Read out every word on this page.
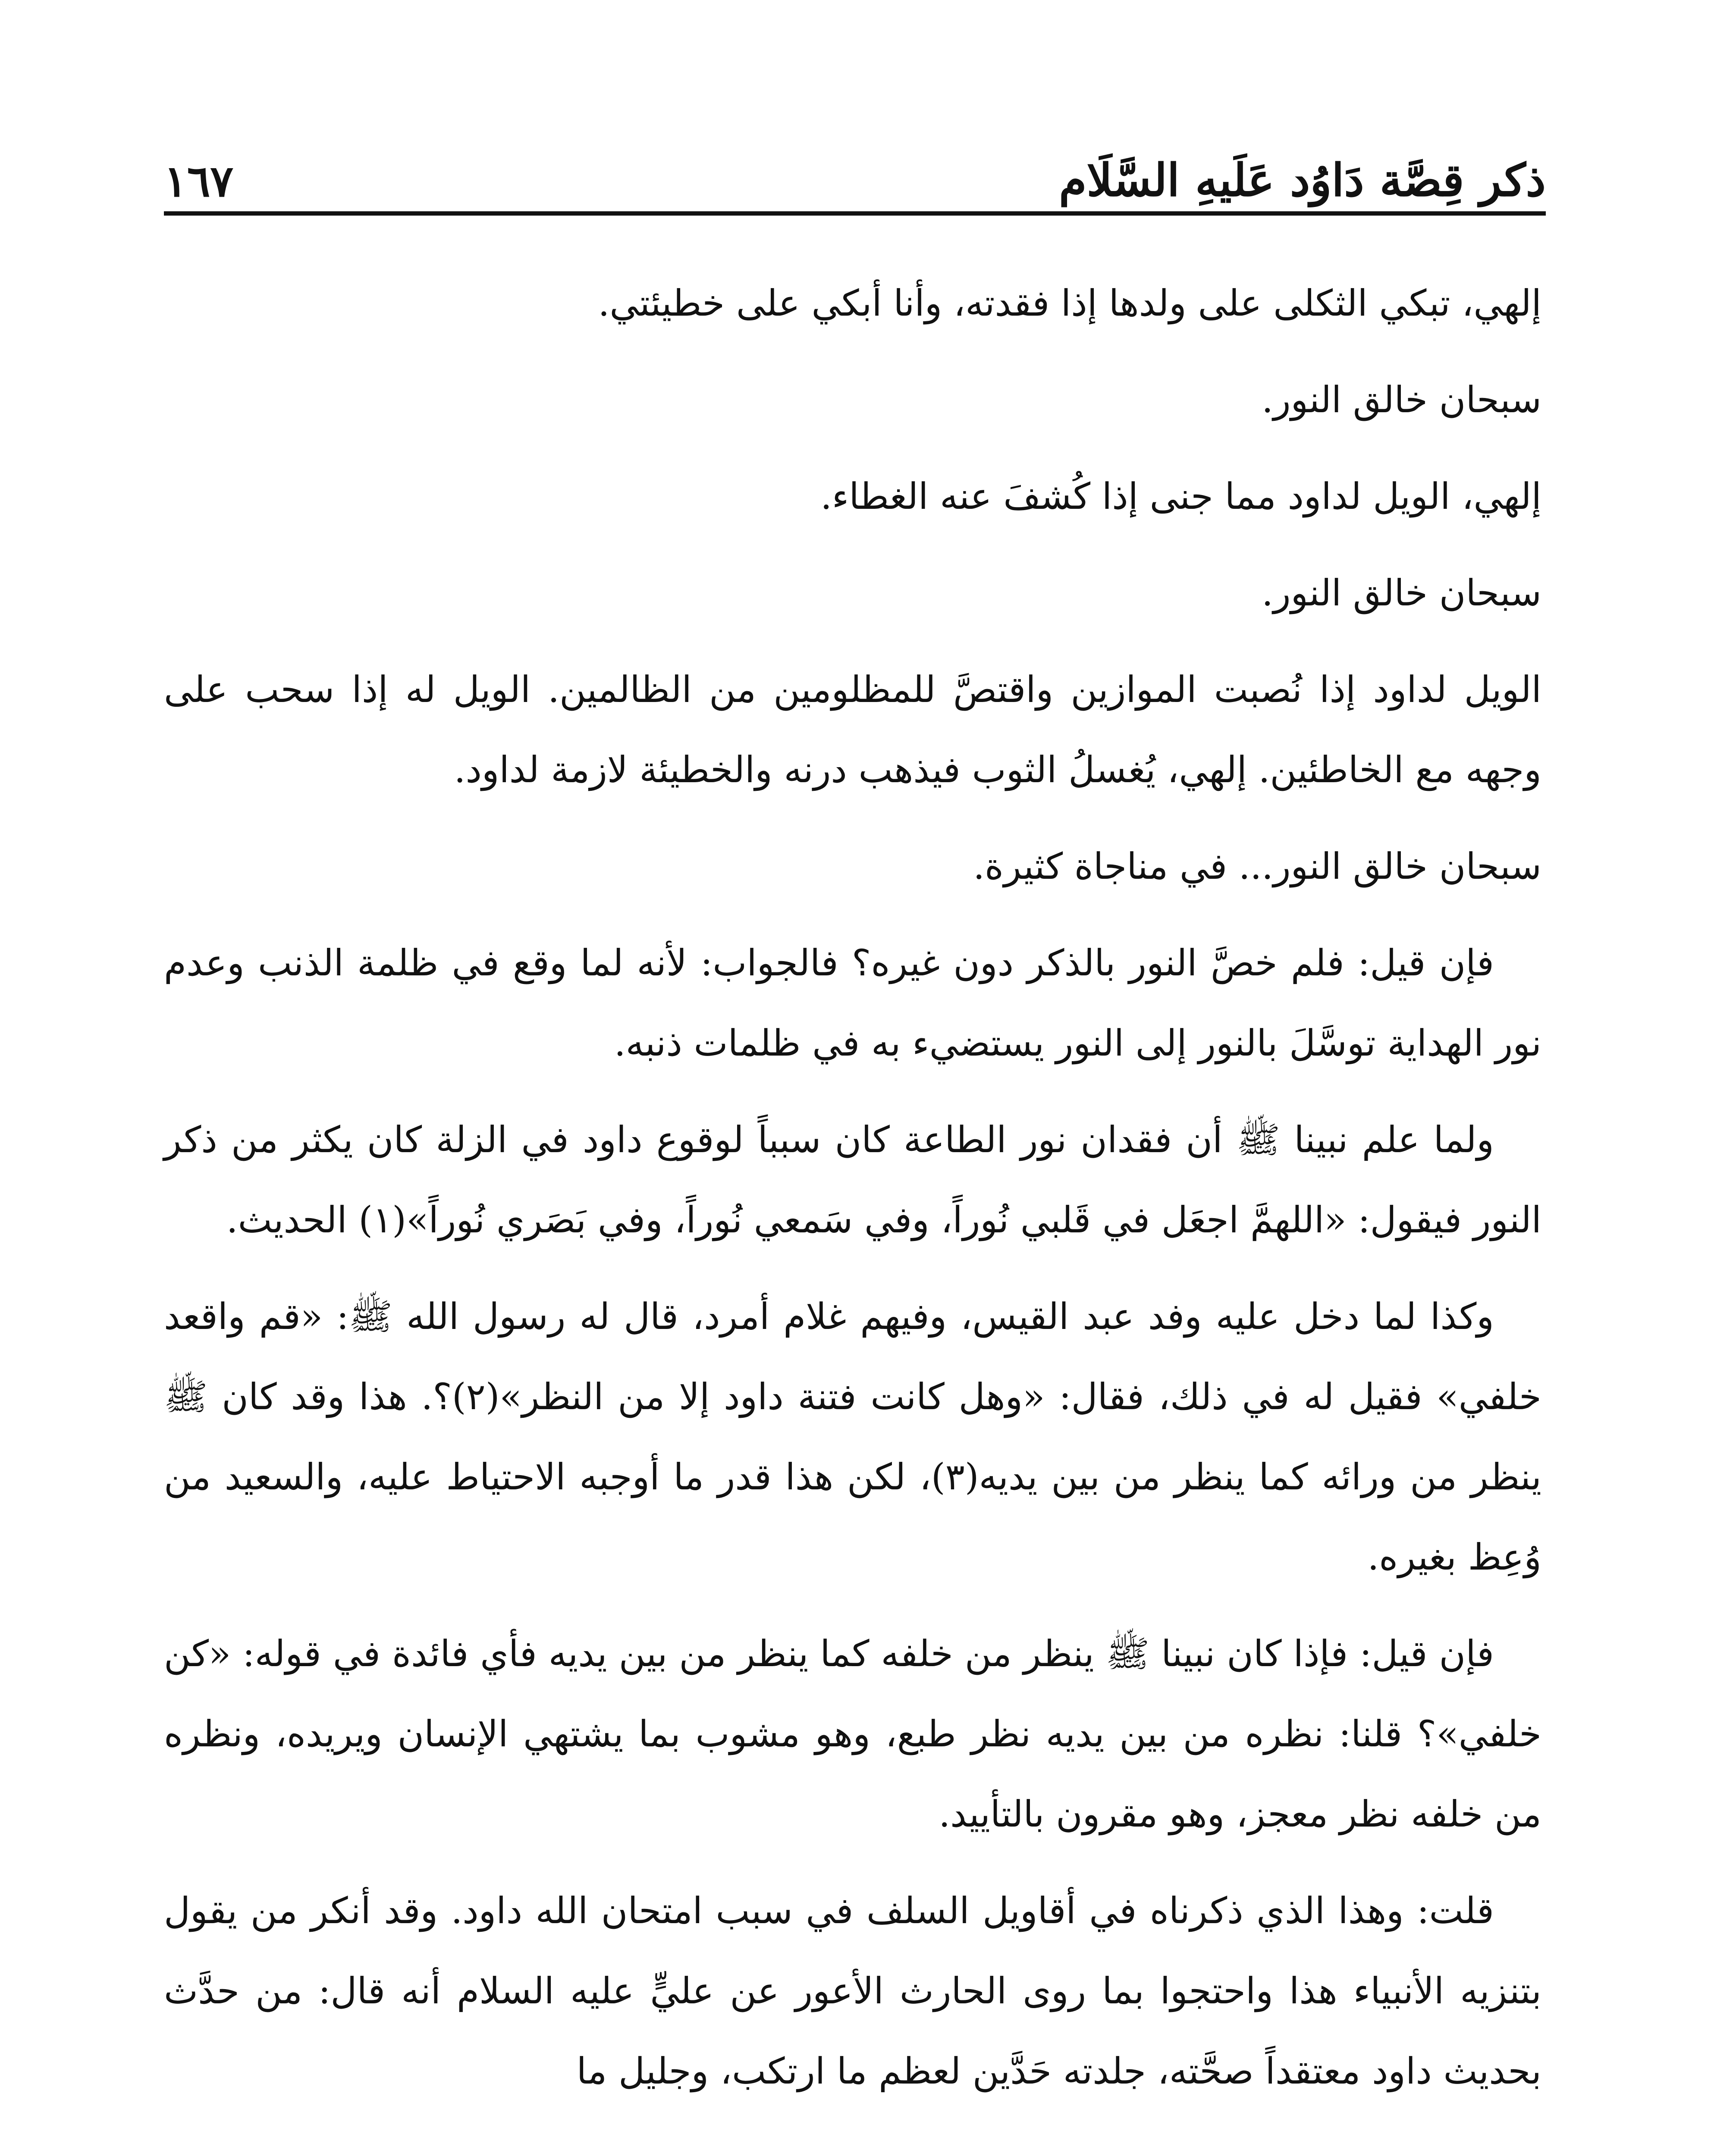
ذكر قِصَّة دَاوُد عَلَيهِ السَّلَام
١٦٧

إلهي، تبكي الثكلى على ولدها إذا فقدته، وأنا أبكي على خطيئتي.

سبحان خالق النور.

إلهي، الويل لداود مما جنى إذا كُشفَ عنه الغطاء.

سبحان خالق النور.

الويل لداود إذا نُصبت الموازين واقتصَّ للمظلومين من الظالمين. الويل له إذا سحب على وجهه مع الخاطئين. إلهي، يُغسلُ الثوب فيذهب درنه والخطيئة لازمة لداود.

سبحان خالق النور... في مناجاة كثيرة.

فإن قيل: فلم خصَّ النور بالذكر دون غيره؟ فالجواب: لأنه لما وقع في ظلمة الذنب وعدم نور الهداية توسَّلَ بالنور إلى النور يستضيء به في ظلمات ذنبه.

ولما علم نبينا ﷺ أن فقدان نور الطاعة كان سبباً لوقوع داود في الزلة كان يكثر من ذكر النور فيقول: «اللهمَّ اجعَل في قَلبي نُوراً، وفي سَمعي نُوراً، وفي بَصَري نُوراً»(١) الحديث.

وكذا لما دخل عليه وفد عبد القيس، وفيهم غلام أمرد، قال له رسول الله ﷺ: «قم واقعد خلفي» فقيل له في ذلك، فقال: «وهل كانت فتنة داود إلا من النظر»(٢)؟. هذا وقد كان ﷺ ينظر من ورائه كما ينظر من بين يديه(٣)، لكن هذا قدر ما أوجبه الاحتياط عليه، والسعيد من وُعِظ بغيره.

فإن قيل: فإذا كان نبينا ﷺ ينظر من خلفه كما ينظر من بين يديه فأي فائدة في قوله: «كن خلفي»؟ قلنا: نظره من بين يديه نظر طبع، وهو مشوب بما يشتهي الإنسان ويريده، ونظره من خلفه نظر معجز، وهو مقرون بالتأييد.

قلت: وهذا الذي ذكرناه في أقاويل السلف في سبب امتحان الله داود. وقد أنكر من يقول بتنزيه الأنبياء هذا واحتجوا بما روى الحارث الأعور عن عليٍّ عليه السلام أنه قال: من حدَّث بحديث داود معتقداً صحَّته، جلدته حَدَّين لعظم ما ارتكب، وجليل ما
